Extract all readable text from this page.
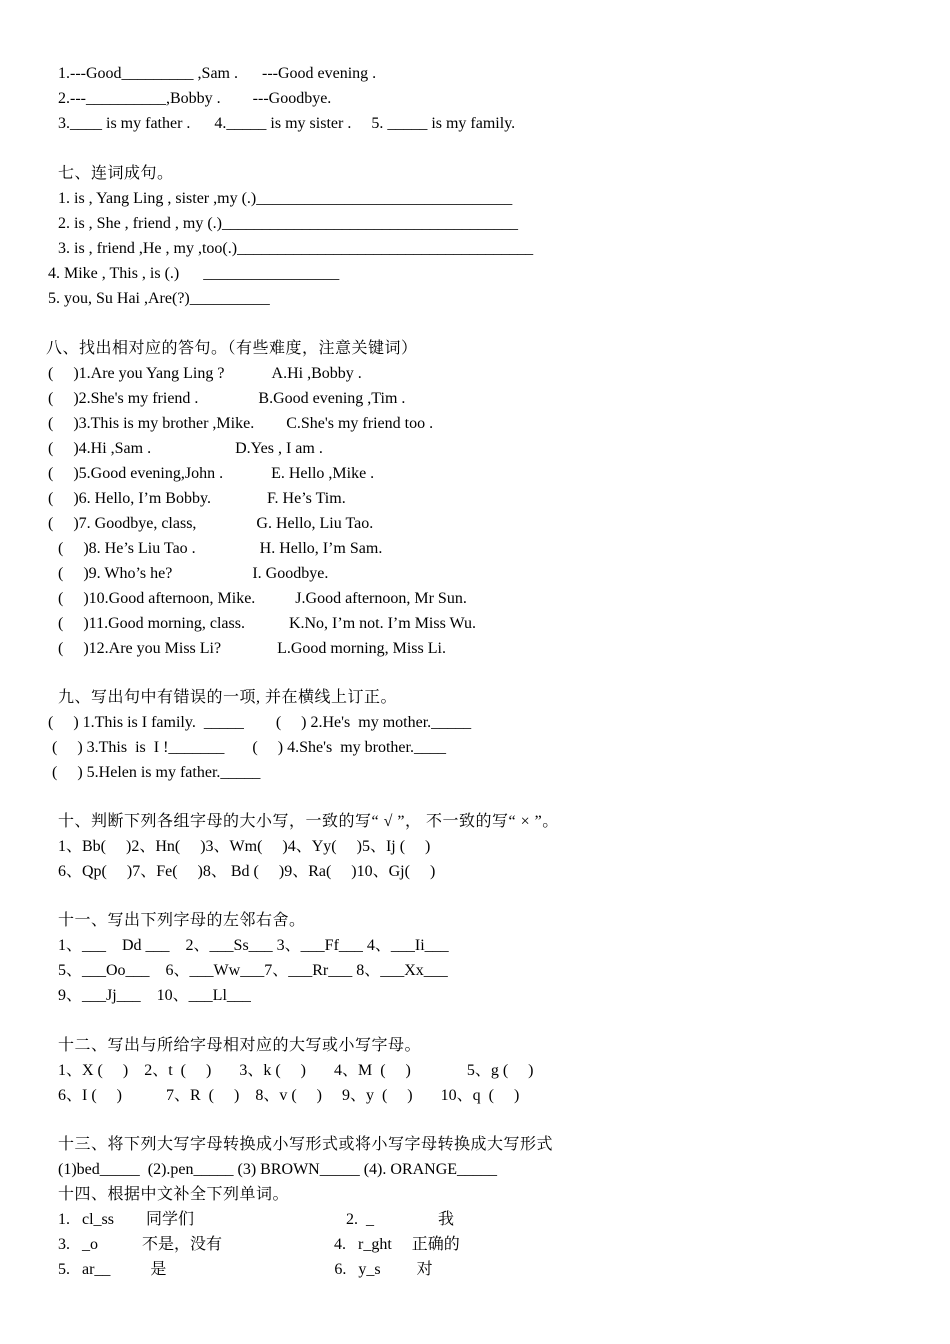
1.---Good_________ ,Sam .      ---Good evening .
2.---__________,Bobby .        ---Goodbye.
3.____ is my father .      4._____ is my sister .     5. _____ is my family.
七、连词成句。
1. is , Yang Ling , sister ,my (.)________________________________
2. is , She , friend , my (.)_____________________________________
3. is , friend ,He , my ,too(.)_____________________________________
4. Mike , This , is (.)      _________________
5. you, Su Hai ,Are(?)__________
八、找出相对应的答句。（有些难度，注意关键词）
(     )1.Are you Yang Ling ?            A.Hi ,Bobby .
(     )2.She's my friend .               B.Good evening ,Tim .
(     )3.This is my brother ,Mike.        C.She's my friend too .
(     )4.Hi ,Sam .                     D.Yes , I am .
(     )5.Good evening,John .            E. Hello ,Mike .
(     )6. Hello, I’m Bobby.              F. He’s Tim.
(     )7. Goodbye, class,               G. Hello, Liu Tao.
(     )8. He’s Liu Tao .                H. Hello, I’m Sam.
(     )9. Who’s he?                    I. Goodbye.
(     )10.Good afternoon, Mike.          J.Good afternoon, Mr Sun.
(     )11.Good morning, class.           K.No, I’m not. I’m Miss Wu.
(     )12.Are you Miss Li?              L.Good morning, Miss Li.
九、写出句中有错误的一项, 并在横线上订正。
(     ) 1.This is I family.  _____        (     ) 2.He's  my mother._____
(     ) 3.This  is  I !_______       (     ) 4.She's  my brother.____
(     ) 5.Helen is my father._____
十、判断下列各组字母的大小写，一致的写“ √ ”， 不一致的写“ × ”。
1、Bb(     )2、Hn(     )3、Wm(     )4、Yy(     )5、Ij (     )
6、Qp(     )7、Fe(     )8、 Bd (     )9、Ra(     )10、Gj(     )
十一、写出下列字母的左邻右舍。
1、___    Dd ___    2、___Ss___ 3、___Ff___ 4、___Ii___
5、___Oo___    6、___Ww___7、___Rr___ 8、___Xx___
9、___Jj___    10、___Ll___
十二、写出与所给字母相对应的大写或小写字母。
1、X (     )    2、t  (     )       3、k (     )       4、M  (     )              5、g (     )
6、I (     )           7、R  (     )    8、v (     )     9、y  (     )       10、q  (     )
十三、将下列大写字母转换成小写形式或将小写字母转换成大写形式
(1)bed_____  (2).pen_____ (3) BROWN_____ (4). ORANGE_____
十四、根据中文补全下列单词。
1.   cl_ss        同学们                                      2.  _                我
3.   _o           不是，没有                            4.   r_ght     正确的
5.   ar__          是                                          6.   y_s         对
